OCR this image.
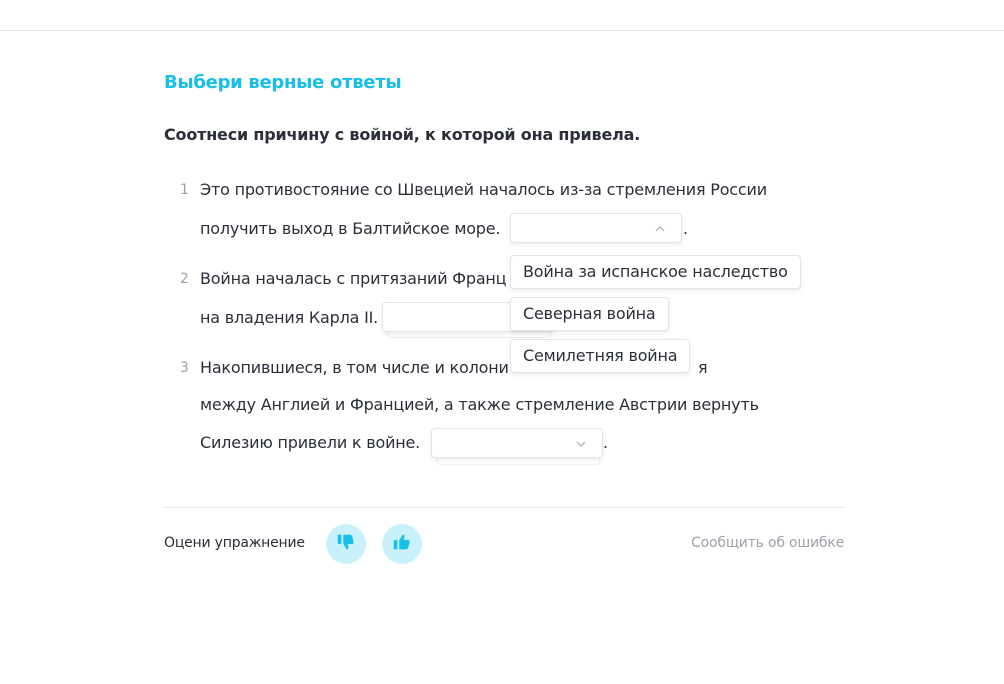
Выбери верные ответы
Соотнеси причину с войной, к которой она привела.
1 Это противостояние со Швецией началось из-за стремления России
получить выход в Балтийское море.	.
2 Война началась с притязаний Франц
на владения Карла II.
3 Накопившиеся, в том числе и колони	я
между Англией и Францией, а также стремление Австрии вернуть
Силезию привели к войне.	.
Война за испанское наследство
Северная война
Семилетняя война
Оцени упражнение	Сообщить об ошибке
